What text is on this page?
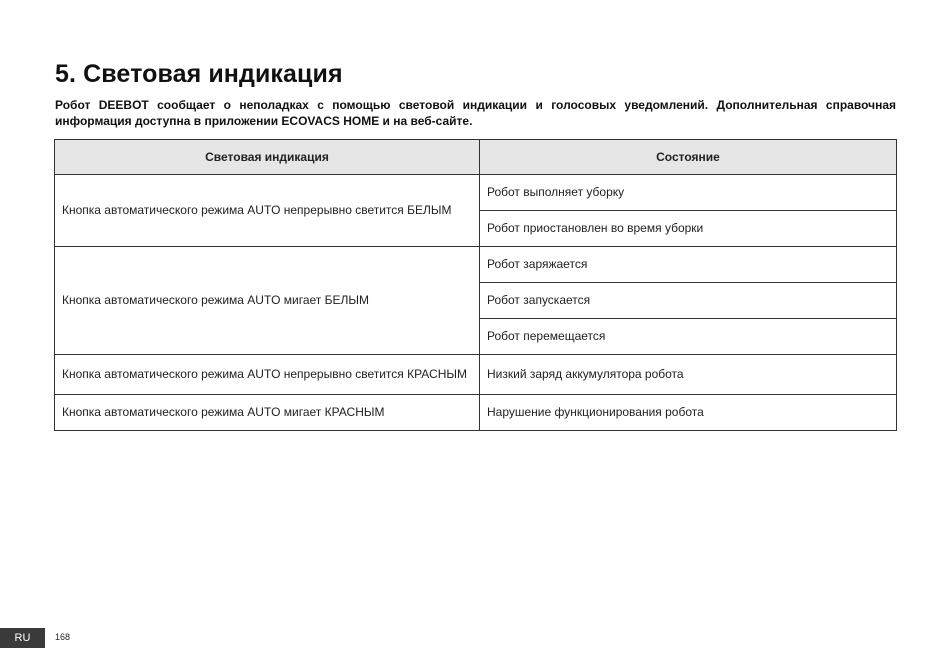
5. Световая индикация
Робот DEEBOT сообщает о неполадках с помощью световой индикации и голосовых уведомлений. Дополнительная справочная информация доступна в приложении ECOVACS HOME и на веб-сайте.
Световая индикация	Состояние
Кнопка автоматического режима AUTO непрерывно светится БЕЛЫМ	Робот выполняет уборку
	Робот приостановлен во время уборки
Кнопка автоматического режима AUTO мигает БЕЛЫМ	Робот заряжается
	Робот запускается
	Робот перемещается
Кнопка автоматического режима AUTO непрерывно светится КРАСНЫМ	Низкий заряд аккумулятора робота
Кнопка автоматического режима AUTO мигает КРАСНЫМ	Нарушение функционирования робота
RU	168
